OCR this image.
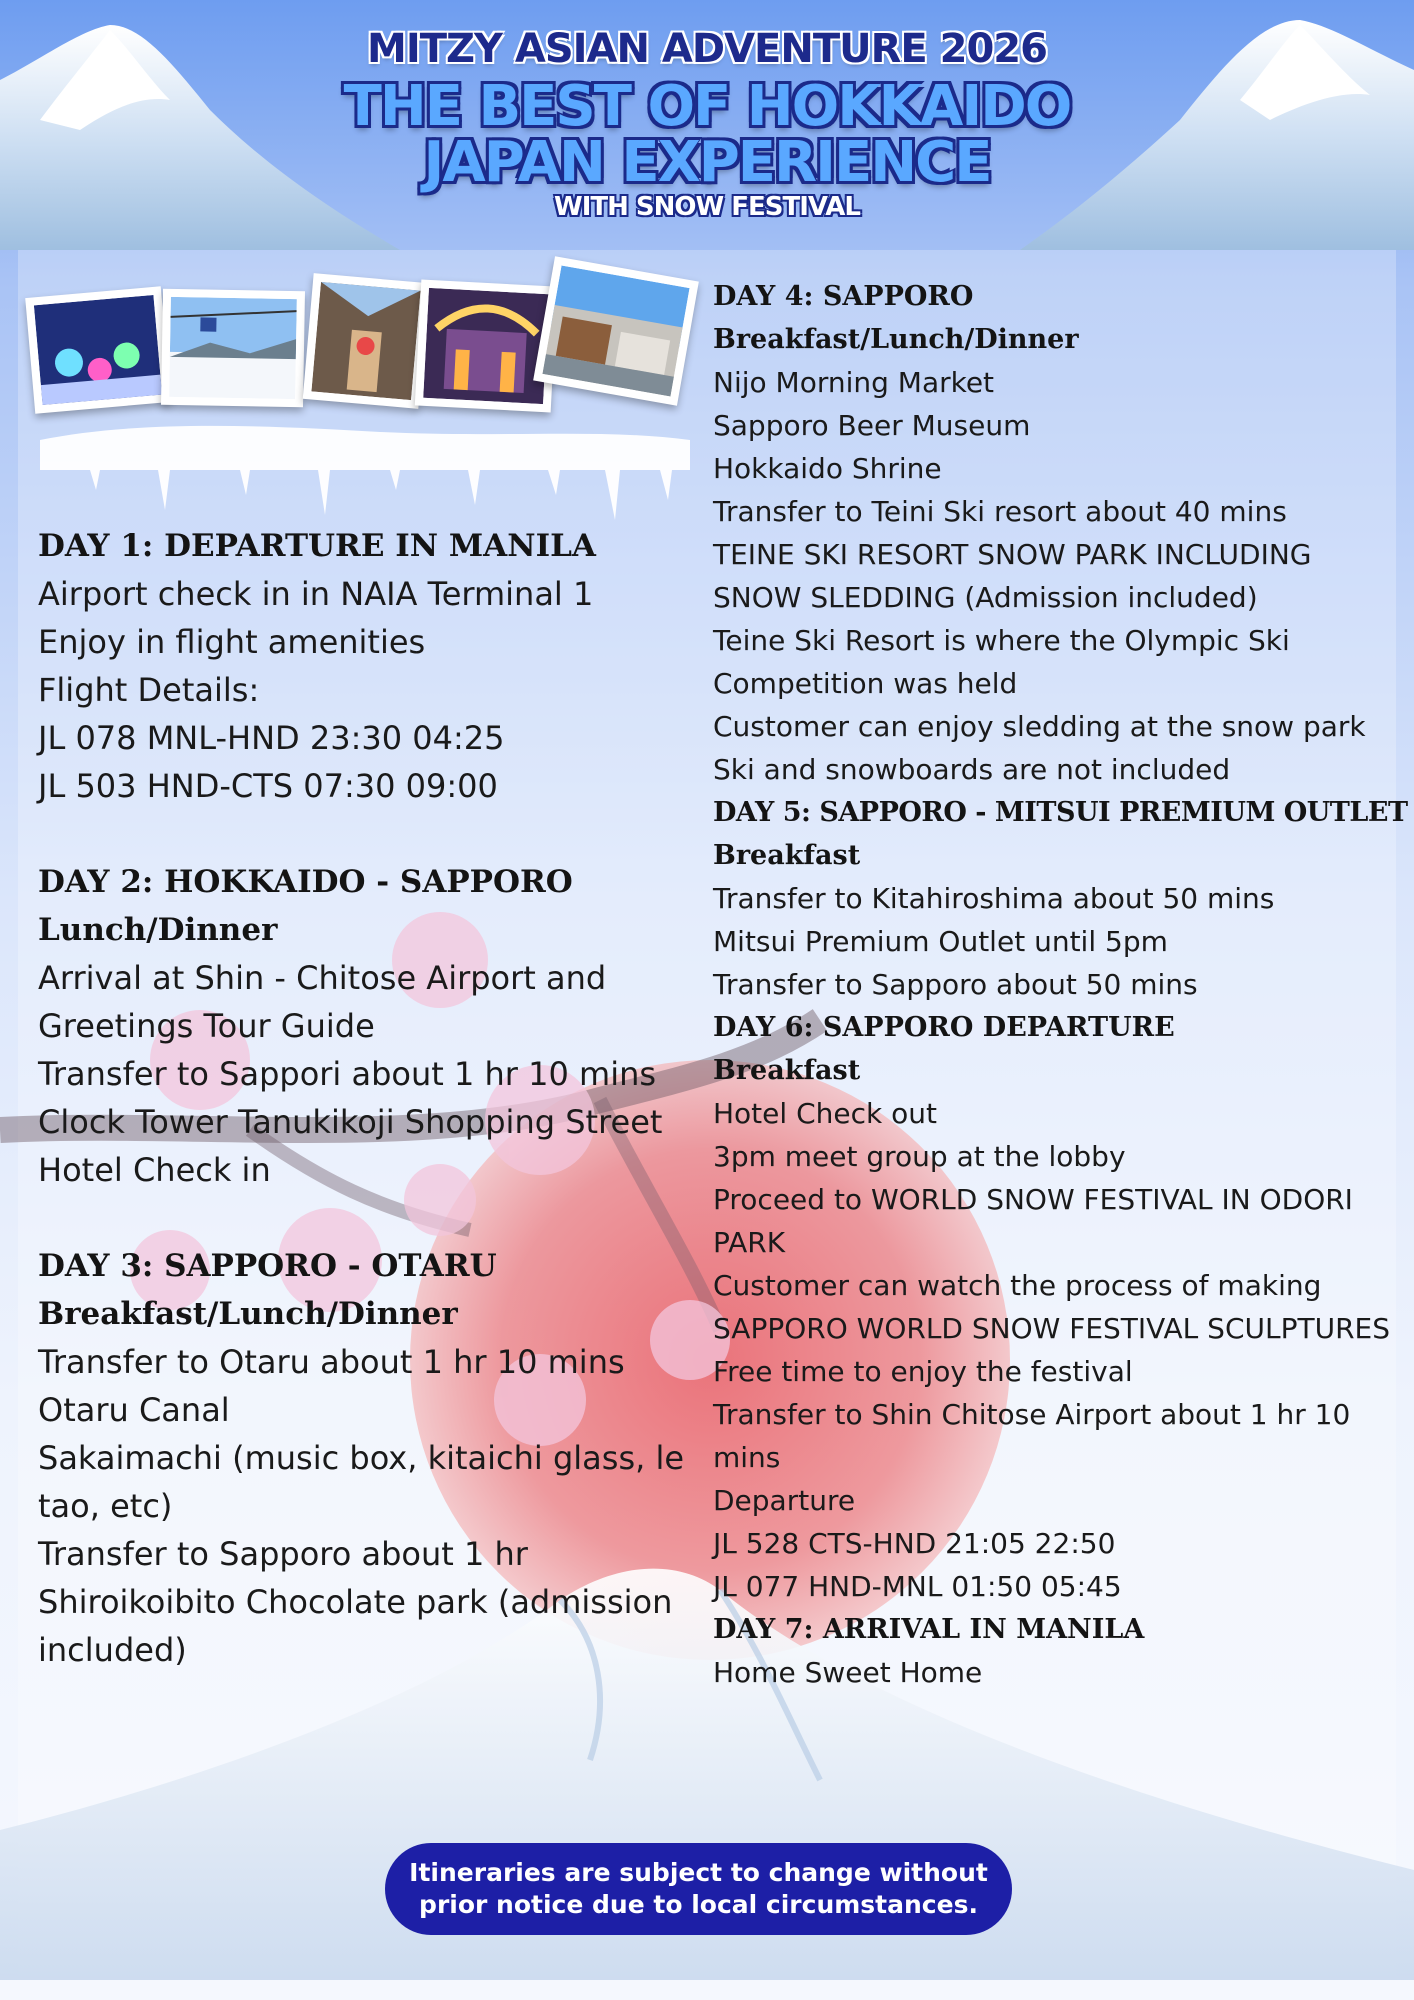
MITZY ASIAN ADVENTURE 2026
THE BEST OF HOKKAIDO
JAPAN EXPERIENCE
WITH SNOW FESTIVAL
DAY 1: DEPARTURE IN MANILA
Airport check in in NAIA Terminal 1
Enjoy in flight amenities
Flight Details:
JL 078 MNL-HND 23:30 04:25
JL 503 HND-CTS 07:30 09:00
DAY 2: HOKKAIDO - SAPPORO
Lunch/Dinner
Arrival at Shin - Chitose Airport and Greetings Tour Guide
Transfer to Sappori about 1 hr 10 mins
Clock Tower Tanukikoji Shopping Street
Hotel Check in
DAY 3: SAPPORO - OTARU
Breakfast/Lunch/Dinner
Transfer to Otaru about 1 hr 10 mins
Otaru Canal
Sakaimachi (music box, kitaichi glass, le tao, etc)
Transfer to Sapporo about 1 hr
Shiroikoibito Chocolate park (admission included)
DAY 4: SAPPORO
Breakfast/Lunch/Dinner
Nijo Morning Market
Sapporo Beer Museum
Hokkaido Shrine
Transfer to Teini Ski resort about 40 mins
TEINE SKI RESORT SNOW PARK INCLUDING SNOW SLEDDING (Admission included)
Teine Ski Resort is where the Olympic Ski Competition was held
Customer can enjoy sledding at the snow park
Ski and snowboards are not included
DAY 5: SAPPORO - MITSUI PREMIUM OUTLET
Breakfast
Transfer to Kitahiroshima about 50 mins
Mitsui Premium Outlet until 5pm
Transfer to Sapporo about 50 mins
DAY 6: SAPPORO DEPARTURE
Breakfast
Hotel Check out
3pm meet group at the lobby
Proceed to WORLD SNOW FESTIVAL IN ODORI PARK
Customer can watch the process of making SAPPORO WORLD SNOW FESTIVAL SCULPTURES
Free time to enjoy the festival
Transfer to Shin Chitose Airport about 1 hr 10 mins
Departure
JL 528 CTS-HND 21:05 22:50
JL 077 HND-MNL 01:50 05:45
DAY 7: ARRIVAL IN MANILA
Home Sweet Home
Itineraries are subject to change without
prior notice due to local circumstances.
